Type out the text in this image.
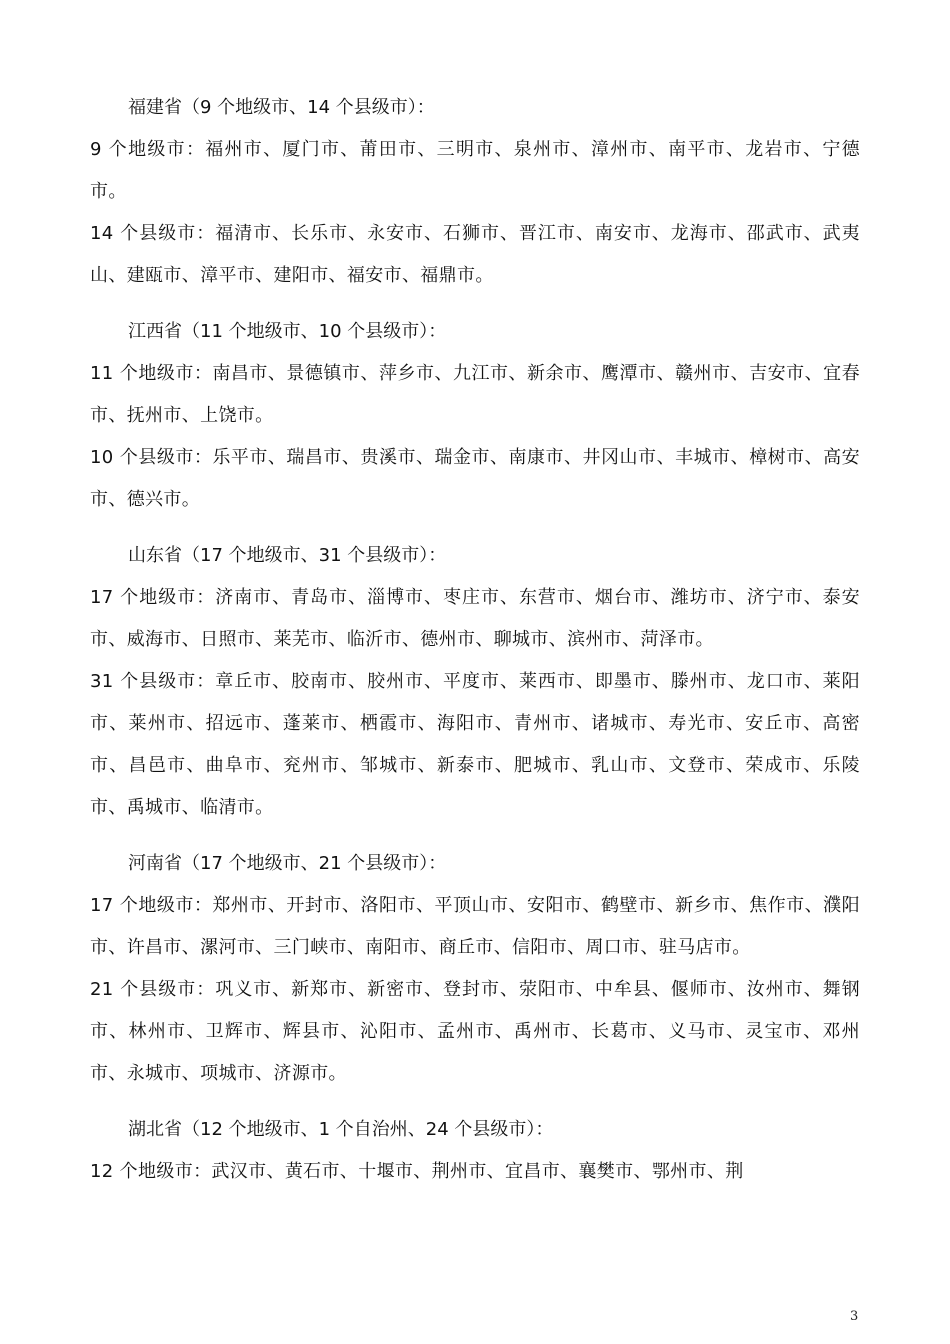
福建省（9 个地级市、14 个县级市）：
9 个地级市：福州市、厦门市、莆田市、三明市、泉州市、漳州市、南平市、龙岩市、宁德市。
14 个县级市：福清市、长乐市、永安市、石狮市、晋江市、南安市、龙海市、邵武市、武夷山、建瓯市、漳平市、建阳市、福安市、福鼎市。
江西省（11 个地级市、10 个县级市）：
11 个地级市：南昌市、景德镇市、萍乡市、九江市、新余市、鹰潭市、赣州市、吉安市、宜春市、抚州市、上饶市。
10 个县级市：乐平市、瑞昌市、贵溪市、瑞金市、南康市、井冈山市、丰城市、樟树市、高安市、德兴市。
山东省（17 个地级市、31 个县级市）：
17 个地级市：济南市、青岛市、淄博市、枣庄市、东营市、烟台市、潍坊市、济宁市、泰安市、威海市、日照市、莱芜市、临沂市、德州市、聊城市、滨州市、菏泽市。
31 个县级市：章丘市、胶南市、胶州市、平度市、莱西市、即墨市、滕州市、龙口市、莱阳市、莱州市、招远市、蓬莱市、栖霞市、海阳市、青州市、诸城市、寿光市、安丘市、高密市、昌邑市、曲阜市、兖州市、邹城市、新泰市、肥城市、乳山市、文登市、荣成市、乐陵市、禹城市、临清市。
河南省（17 个地级市、21 个县级市）：
17 个地级市：郑州市、开封市、洛阳市、平顶山市、安阳市、鹤壁市、新乡市、焦作市、濮阳市、许昌市、漯河市、三门峡市、南阳市、商丘市、信阳市、周口市、驻马店市。
21 个县级市：巩义市、新郑市、新密市、登封市、荥阳市、中牟县、偃师市、汝州市、舞钢市、林州市、卫辉市、辉县市、沁阳市、孟州市、禹州市、长葛市、义马市、灵宝市、邓州市、永城市、项城市、济源市。
湖北省（12 个地级市、1 个自治州、24 个县级市）：
12 个地级市：武汉市、黄石市、十堰市、荆州市、宜昌市、襄樊市、鄂州市、荆
3
